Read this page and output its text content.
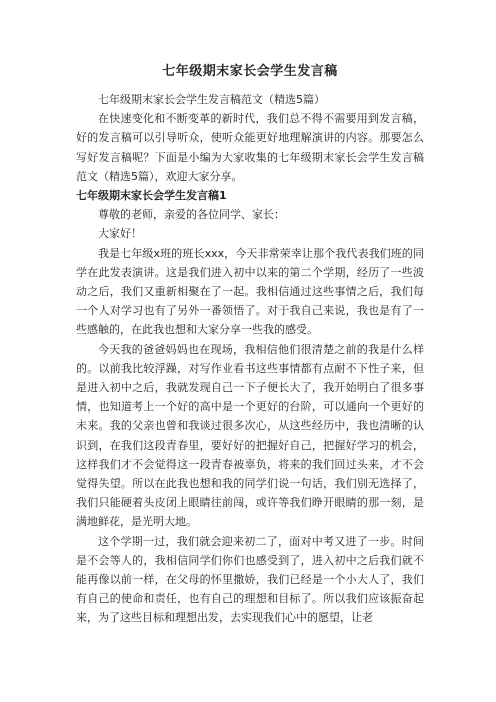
七年级期末家长会学生发言稿

七年级期末家长会学生发言稿范文（精选5篇）

在快速变化和不断变革的新时代，我们总不得不需要用到发言稿，好的发言稿可以引导听众，使听众能更好地理解演讲的内容。那要怎么写好发言稿呢？下面是小编为大家收集的七年级期末家长会学生发言稿范文（精选5篇），欢迎大家分享。

七年级期末家长会学生发言稿1

尊敬的老师，亲爱的各位同学、家长：

大家好！

我是七年级x班的班长xxx，今天非常荣幸让那个我代表我们班的同学在此发表演讲。这是我们进入初中以来的第二个学期，经历了一些波动之后，我们又重新相聚在了一起。我相信通过这些事情之后，我们每一个人对学习也有了另外一番领悟了。对于我自己来说，我也是有了一些感触的，在此我也想和大家分享一些我的感受。

今天我的爸爸妈妈也在现场，我相信他们很清楚之前的我是什么样的。以前我比较浮躁，对写作业看书这些事情都有点耐不下性子来，但是进入初中之后，我就发现自己一下子便长大了，我开始明白了很多事情，也知道考上一个好的高中是一个更好的台阶，可以通向一个更好的未来。我的父亲也曾和我谈过很多次心，从这些经历中，我也清晰的认识到，在我们这段青春里，要好好的把握好自己，把握好学习的机会，这样我们才不会觉得这一段青春被辜负，将来的我们回过头来，才不会觉得失望。所以在此我也想和我的同学们说一句话，我们别无选择了，我们只能硬着头皮闭上眼睛往前闯，或许等我们睁开眼睛的那一刻，是满地鲜花，是光明大地。

这个学期一过，我们就会迎来初二了，面对中考又进了一步。时间是不会等人的，我相信同学们你们也感受到了，进入初中之后我们就不能再像以前一样，在父母的怀里撒娇，我们已经是一个小大人了，我们有自己的使命和责任，也有自己的理想和目标了。所以我们应该振奋起来，为了这些目标和理想出发，去实现我们心中的愿望，让老
